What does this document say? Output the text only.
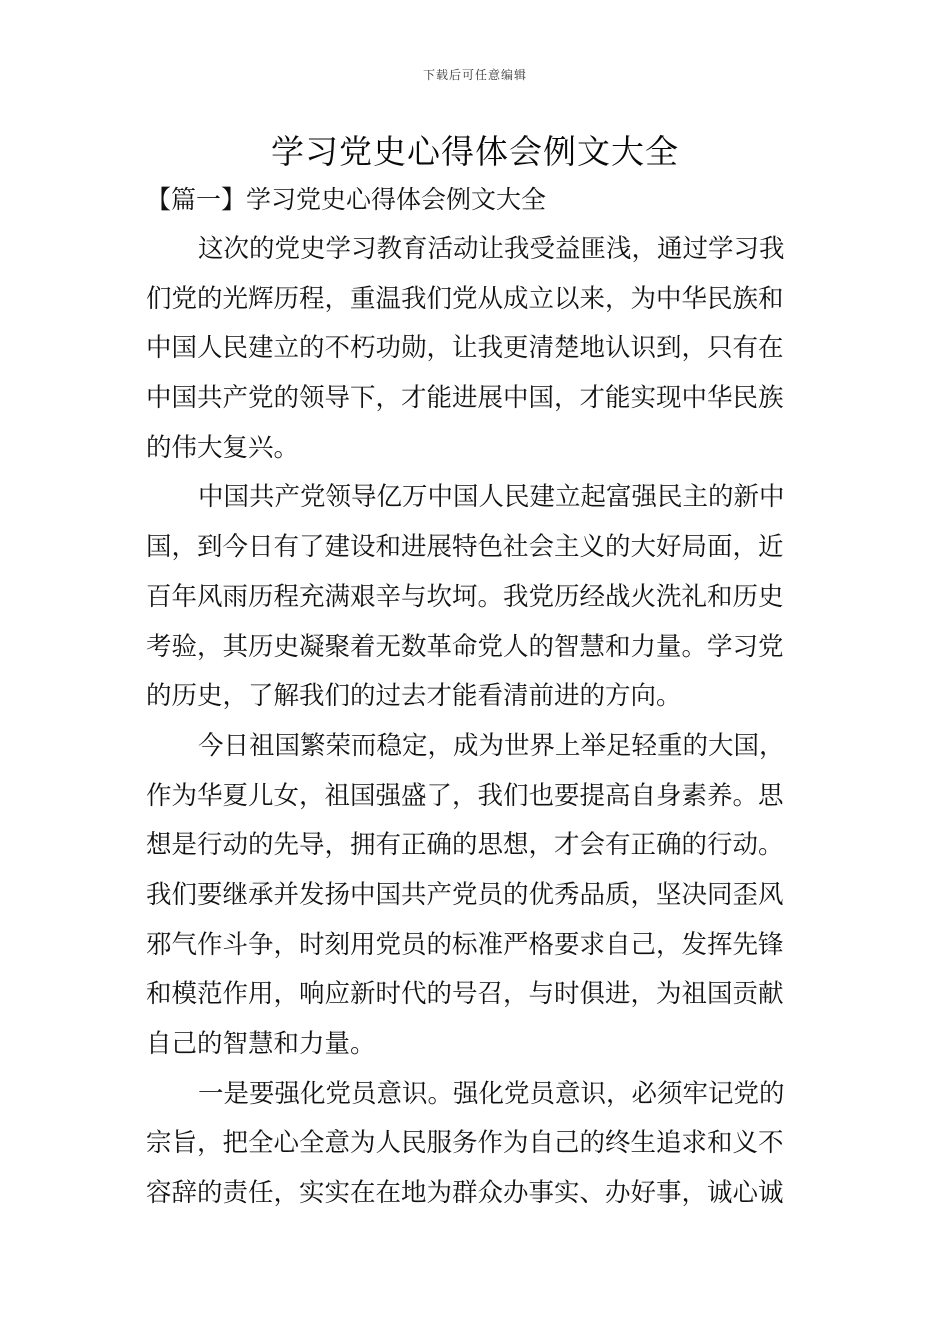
下载后可任意编辑
学习党史心得体会例文大全
【篇一】学习党史心得体会例文大全
这次的党史学习教育活动让我受益匪浅，通过学习我
们党的光辉历程，重温我们党从成立以来，为中华民族和
中国人民建立的不朽功勋，让我更清楚地认识到，只有在
中国共产党的领导下，才能进展中国，才能实现中华民族
的伟大复兴。
中国共产党领导亿万中国人民建立起富强民主的新中
国，到今日有了建设和进展特色社会主义的大好局面，近
百年风雨历程充满艰辛与坎坷。我党历经战火洗礼和历史
考验，其历史凝聚着无数革命党人的智慧和力量。学习党
的历史，了解我们的过去才能看清前进的方向。
今日祖国繁荣而稳定，成为世界上举足轻重的大国，
作为华夏儿女，祖国强盛了，我们也要提高自身素养。思
想是行动的先导，拥有正确的思想，才会有正确的行动。
我们要继承并发扬中国共产党员的优秀品质，坚决同歪风
邪气作斗争，时刻用党员的标准严格要求自己，发挥先锋
和模范作用，响应新时代的号召，与时俱进，为祖国贡献
自己的智慧和力量。
一是要强化党员意识。强化党员意识，必须牢记党的
宗旨，把全心全意为人民服务作为自己的终生追求和义不
容辞的责任，实实在在地为群众办事实、办好事，诚心诚
